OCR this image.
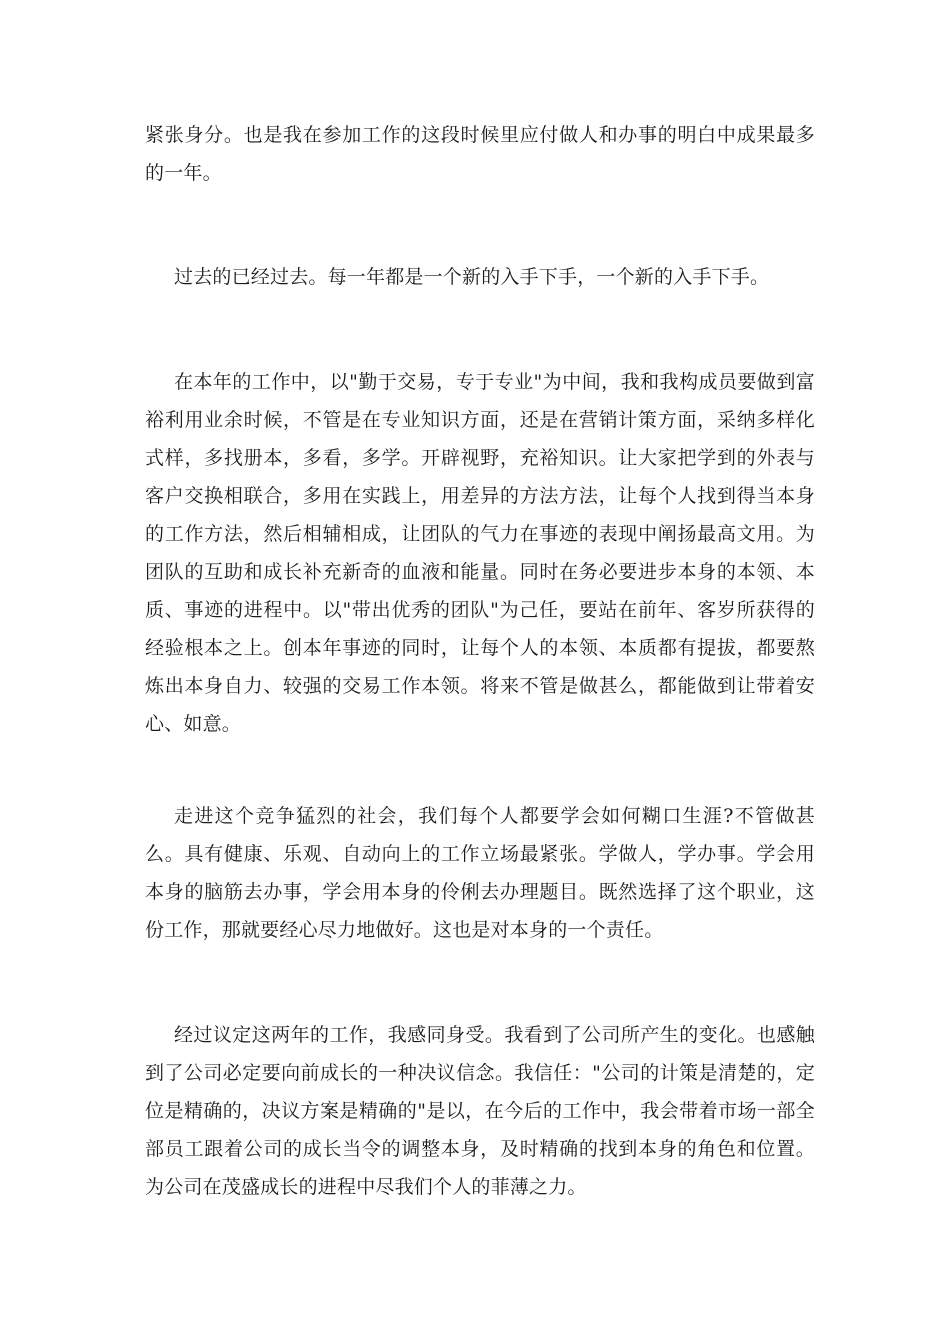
紧张身分。也是我在参加工作的这段时候里应付做人和办事的明白中成果最多的一年。

过去的已经过去。每一年都是一个新的入手下手，一个新的入手下手。

在本年的工作中，以"勤于交易，专于专业"为中间，我和我构成员要做到富裕利用业余时候，不管是在专业知识方面，还是在营销计策方面，采纳多样化式样，多找册本，多看，多学。开辟视野，充裕知识。让大家把学到的外表与客户交换相联合，多用在实践上，用差异的方法方法，让每个人找到得当本身的工作方法，然后相辅相成，让团队的气力在事迹的表现中阐扬最高文用。为团队的互助和成长补充新奇的血液和能量。同时在务必要进步本身的本领、本质、事迹的进程中。以"带出优秀的团队"为己任，要站在前年、客岁所获得的经验根本之上。创本年事迹的同时，让每个人的本领、本质都有提拔，都要熬炼出本身自力、较强的交易工作本领。将来不管是做甚么，都能做到让带着安心、如意。

走进这个竞争猛烈的社会，我们每个人都要学会如何糊口生涯?不管做甚么。具有健康、乐观、自动向上的工作立场最紧张。学做人，学办事。学会用本身的脑筋去办事，学会用本身的伶俐去办理题目。既然选择了这个职业，这份工作，那就要经心尽力地做好。这也是对本身的一个责任。

经过议定这两年的工作，我感同身受。我看到了公司所产生的变化。也感触到了公司必定要向前成长的一种决议信念。我信任："公司的计策是清楚的，定位是精确的，决议方案是精确的"是以，在今后的工作中，我会带着市场一部全部员工跟着公司的成长当令的调整本身，及时精确的找到本身的角色和位置。为公司在茂盛成长的进程中尽我们个人的菲薄之力。
